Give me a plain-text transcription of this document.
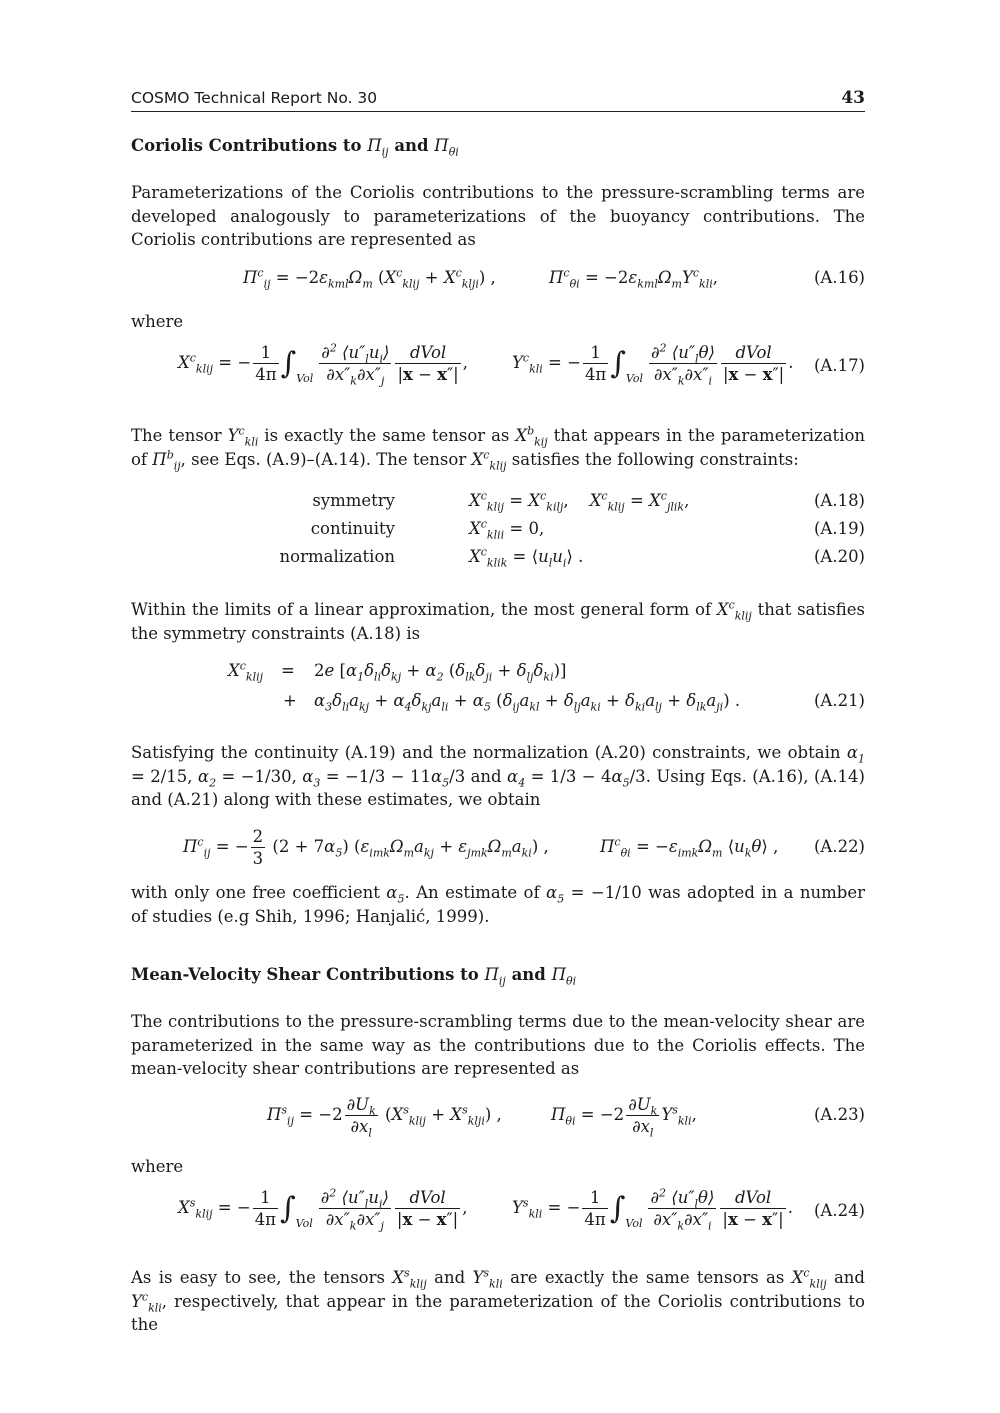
COSMO Technical Report No. 30	43
Coriolis Contributions to $\Pi_{ij}$ and $\Pi_{\theta i}$

Parameterizations of the Coriolis contributions to the pressure-scrambling terms are developed analogously to parameterizations of the buoyancy contributions. The Coriolis contributions are represented as

$\Pi^c_{ij} = -2\varepsilon_{kml}\Omega_m$ $(X^c_{klij} + X^c_{klji})$ ,	$\Pi^c_{\theta i} = -2\varepsilon_{kml}\Omega_mY^c_{kli}$,	(A.16)
where
$X^c_{klij}$ = − $\frac{1}{4\pi} \int_{Vol} \frac{\partial^2 ⟨u''_lu_i⟩}{\partial x''_k\partial x''_j} \frac{\text{dVol}}{|x - x''|}$ ,	$Y^c_{kli}$ = − $\frac{1}{4\pi} \int_{Vol} \frac{\partial^2 ⟨u''_l\theta⟩}{\partial x''_k\partial x''_i} \frac{\text{dVol}}{|x - x''|}$ . (A.17)
The tensor $Y^c_{kli}$ is exactly the same tensor as $X^b_{kij}$ that appears in the parameterization of $\Pi^b_{ij}$, see Eqs. (A.9)–(A.14). The tensor $X^c_{klij}$ satisfies the following constraints:
symmetry	$X^c_{klij} = X^c_{kilj}$,    $X^c_{klij} = X^c_{jlik}$,	(A.18)
continuity	$X^c_{klii} = 0$,	(A.19)
normalization	$X^c_{klik}$ = $⟨u_lu_i⟩$ .	(A.20)
Within the limits of a linear approximation, the most general form of $X^c_{klij}$ that satisfies the symmetry constraints (A.18) is
$X^c_{klij} = 2e$ [$\alpha_1\delta_{li}\delta_{kj} + \alpha_2$ $(\delta_{lk}\delta_{ji} + \delta_{lj}\delta_{ki})$]
+ $\alpha_3\delta_{li}a_{kj} + \alpha_4\delta_{kj}a_{li} + \alpha_5$ $(\delta_{ij}a_{kl} + \delta_{lj}a_{ki} + \delta_{ki}a_{lj} + \delta_{lk}a_{ji})$ .	(A.21)
Satisfying the continuity (A.19) and the normalization (A.20) constraints, we obtain $\alpha_1 = 2/15$, $\alpha_2 = -1/30$, $\alpha_3 = -1/3 - 11\alpha_5/3$ and $\alpha_4 = 1/3 - 4\alpha_5/3$. Using Eqs. (A.16), (A.14) and (A.21) along with these estimates, we obtain
$\Pi^c_{ij}$ = − $\frac{2}{3} (2 + 7\alpha_5) (\varepsilon_{imk}\Omega_ma_{kj} + \varepsilon_{jmk}\Omega_ma_{ki})$ ,	$\Pi^c_{\theta i} = -\varepsilon_{imk}\Omega_m$ $⟨u_k\theta⟩$ , (A.22)
with only one free coefficient $\alpha_5$. An estimate of $\alpha_5 = -1/10$ was adopted in a number of studies (e.g Shih, 1996; Hanjalić, 1999).
Mean-Velocity Shear Contributions to $\Pi_{ij}$ and $\Pi_{\theta i}$

The contributions to the pressure-scrambling terms due to the mean-velocity shear are parameterized in the same way as the contributions due to the Coriolis effects. The mean-velocity shear contributions are represented as

$\Pi^s_{ij} = -2 \frac{\partial U_k}{\partial x_l} (X^s_{klij} + X^s_{klji})$ ,	$\Pi_{\theta i} = -2 \frac{\partial U_k}{\partial x_l} Y^s_{kli}$,	(A.23)
where
$X^s_{klij}$ = − $\frac{1}{4\pi} \int_{Vol} \frac{\partial^2 ⟨u''_lu_i⟩}{\partial x''_k\partial x''_j} \frac{\text{dVol}}{|x - x''|}$ ,	$Y^s_{kli}$ = − $\frac{1}{4\pi} \int_{Vol} \frac{\partial^2 ⟨u''_l\theta⟩}{\partial x''_k\partial x''_i} \frac{\text{dVol}}{|x - x''|}$ . (A.24)
As is easy to see, the tensors $X^s_{klij}$ and $Y^s_{kli}$ are exactly the same tensors as $X^c_{klij}$ and $Y^c_{kli}$, respectively, that appear in the parameterization of the Coriolis contributions to the
